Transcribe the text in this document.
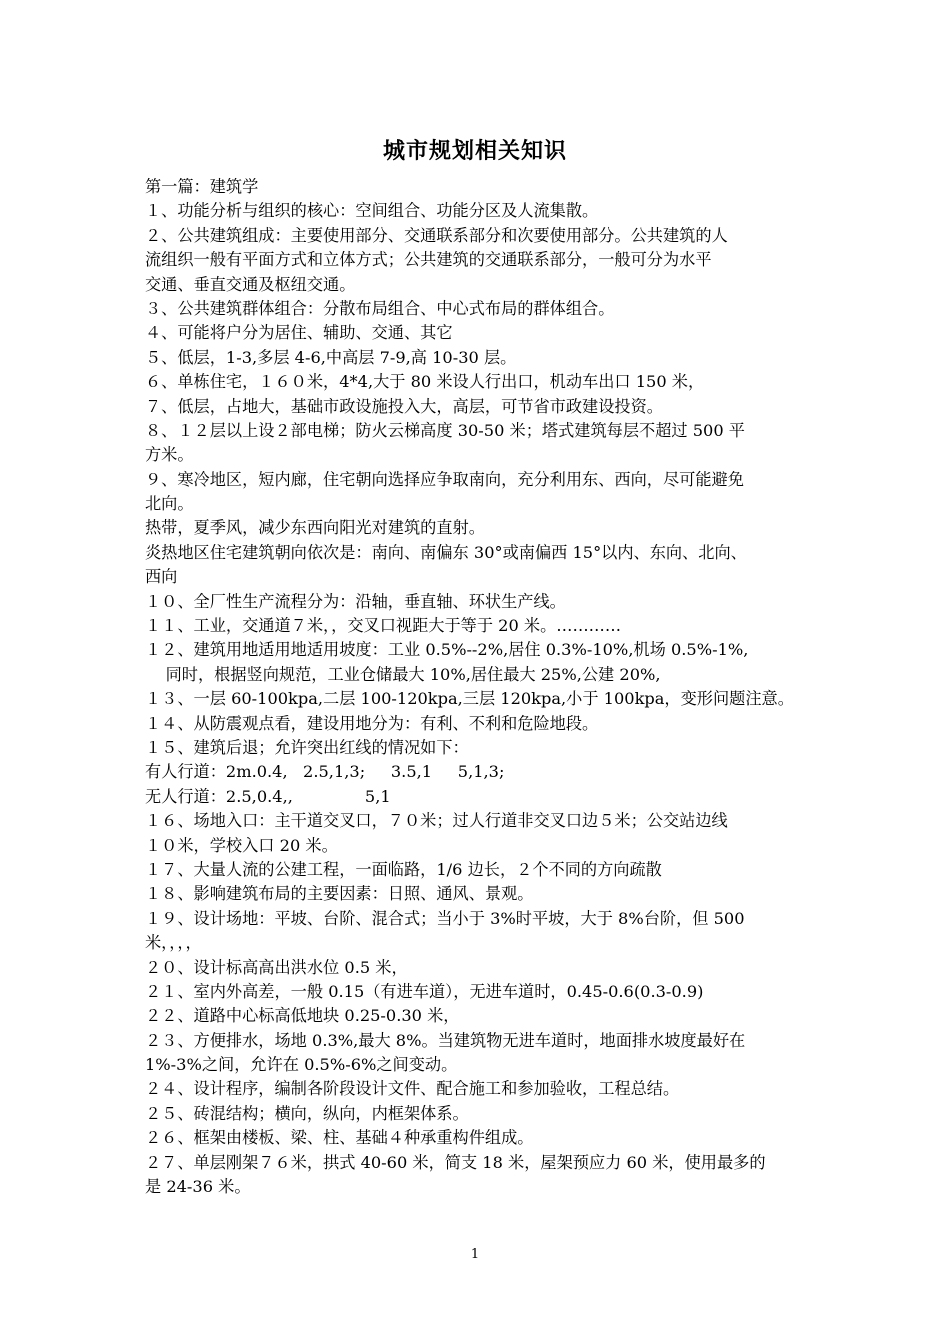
城市规划相关知识
第一篇：建筑学
１、功能分析与组织的核心：空间组合、功能分区及人流集散。
２、公共建筑组成：主要使用部分、交通联系部分和次要使用部分。公共建筑的人
流组织一般有平面方式和立体方式；公共建筑的交通联系部分，一般可分为水平
交通、垂直交通及枢纽交通。
３、公共建筑群体组合：分散布局组合、中心式布局的群体组合。
４、可能将户分为居住、辅助、交通、其它
５、低层，1-3,多层 4-6,中高层 7-9,高 10-30 层。
６、单栋住宅，１６０米，4*4,大于 80 米设人行出口，机动车出口 150 米，
７、低层，占地大，基础市政设施投入大，高层，可节省市政建设投资。
８、１２层以上设２部电梯；防火云梯高度 30-50 米；塔式建筑每层不超过 500 平
方米。
９、寒冷地区，短内廊，住宅朝向选择应争取南向，充分利用东、西向，尽可能避免
北向。
热带，夏季风，减少东西向阳光对建筑的直射。
炎热地区住宅建筑朝向依次是：南向、南偏东 30°或南偏西 15°以内、东向、北向、
西向
１０、全厂性生产流程分为：沿轴，垂直轴、环状生产线。
１１、工业，交通道７米，，交叉口视距大于等于 20 米。…………
１２、建筑用地适用地适用坡度：工业 0.5%--2%,居住 0.3%-10%,机场 0.5%-1%,
同时，根据竖向规范，工业仓储最大 10%,居住最大 25%,公建 20%,
１３、一层 60-100kpa,二层 100-120kpa,三层 120kpa,小于 100kpa，变形问题注意。
１４、从防震观点看，建设用地分为：有利、不利和危险地段。
１５、建筑后退；允许突出红线的情况如下：
有人行道：2m.0.4,   2.5,1,3;     3.5,1     5,1,3;
无人行道：2.5,0.4,,              5,1
１６、场地入口：主干道交叉口，７０米；过人行道非交叉口边５米；公交站边线
１０米，学校入口 20 米。
１７、大量人流的公建工程，一面临路，1/6 边长，２个不同的方向疏散
１８、影响建筑布局的主要因素：日照、通风、景观。
１９、设计场地：平坡、台阶、混合式；当小于 3%时平坡，大于 8%台阶，但 500
米，，，，
２０、设计标高高出洪水位 0.5 米，
２１、室内外高差，一般 0.15（有进车道），无进车道时，0.45-0.6(0.3-0.9)
２２、道路中心标高低地块 0.25-0.30 米，
２３、方便排水，场地 0.3%,最大 8%。当建筑物无进车道时，地面排水坡度最好在
1%-3%之间，允许在 0.5%-6%之间变动。
２４、设计程序，编制各阶段设计文件、配合施工和参加验收，工程总结。
２５、砖混结构；横向，纵向，内框架体系。
２６、框架由楼板、梁、柱、基础４种承重构件组成。
２７、单层刚架７６米，拱式 40-60 米，简支 18 米，屋架预应力 60 米，使用最多的
是 24-36 米。
1
